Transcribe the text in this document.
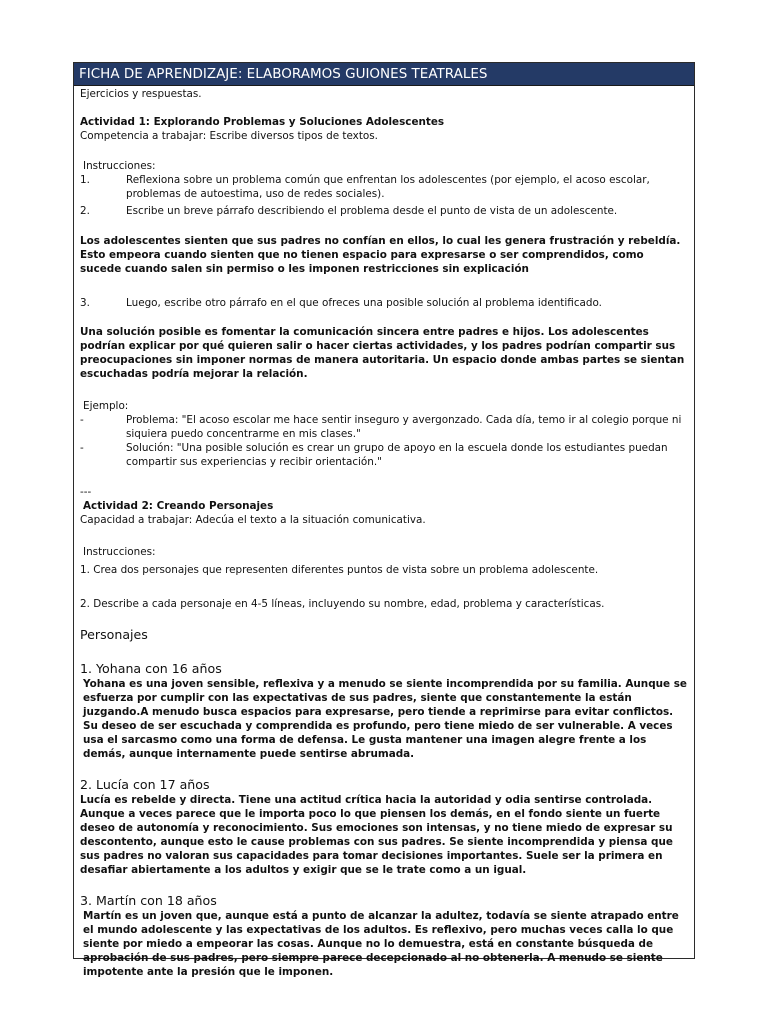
FICHA DE APRENDIZAJE: ELABORAMOS GUIONES TEATRALES

Ejercicios y respuestas.

Actividad 1: Explorando Problemas y Soluciones Adolescentes

Competencia a trabajar: Escribe diversos tipos de textos.

Instrucciones:

1.	Reflexiona sobre un problema común que enfrentan los adolescentes (por ejemplo, el acoso escolar, problemas de autoestima, uso de redes sociales).
2.	Escribe un breve párrafo describiendo el problema desde el punto de vista de un adolescente.

Los adolescentes sienten que sus padres no confían en ellos, lo cual les genera frustración y rebeldía. Esto empeora cuando sienten que no tienen espacio para expresarse o ser comprendidos, como sucede cuando salen sin permiso o les imponen restricciones sin explicación

3.	Luego, escribe otro párrafo en el que ofreces una posible solución al problema identificado.

Una solución posible es fomentar la comunicación sincera entre padres e hijos. Los adolescentes podrían explicar por qué quieren salir o hacer ciertas actividades, y los padres podrían compartir sus preocupaciones sin imponer normas de manera autoritaria. Un espacio donde ambas partes se sientan escuchadas podría mejorar la relación.

Ejemplo:

-	Problema: "El acoso escolar me hace sentir inseguro y avergonzado. Cada día, temo ir al colegio porque ni siquiera puedo concentrarme en mis clases."
-	Solución: "Una posible solución es crear un grupo de apoyo en la escuela donde los estudiantes puedan compartir sus experiencias y recibir orientación."

---

Actividad 2: Creando Personajes

Capacidad a trabajar: Adecúa el texto a la situación comunicativa.

Instrucciones:

1. Crea dos personajes que representen diferentes puntos de vista sobre un problema adolescente.

2. Describe a cada personaje en 4-5 líneas, incluyendo su nombre, edad, problema y características.

Personajes

1. Yohana con 16 años

Yohana es una joven sensible, reflexiva y a menudo se siente incomprendida por su familia. Aunque se esfuerza por cumplir con las expectativas de sus padres, siente que constantemente la están juzgando.A menudo busca espacios para expresarse, pero tiende a reprimirse para evitar conflictos. Su deseo de ser escuchada y comprendida es profundo, pero tiene miedo de ser vulnerable. A veces usa el sarcasmo como una forma de defensa. Le gusta mantener una imagen alegre frente a los demás, aunque internamente puede sentirse abrumada.

2. Lucía con 17 años

Lucía es rebelde y directa. Tiene una actitud crítica hacia la autoridad y odia sentirse controlada. Aunque a veces parece que le importa poco lo que piensen los demás, en el fondo siente un fuerte deseo de autonomía y reconocimiento. Sus emociones son intensas, y no tiene miedo de expresar su descontento, aunque esto le cause problemas con sus padres. Se siente incomprendida y piensa que sus padres no valoran sus capacidades para tomar decisiones importantes. Suele ser la primera en desafiar abiertamente a los adultos y exigir que se le trate como a un igual.

3. Martín con 18 años

Martín es un joven que, aunque está a punto de alcanzar la adultez, todavía se siente atrapado entre el mundo adolescente y las expectativas de los adultos. Es reflexivo, pero muchas veces calla lo que siente por miedo a empeorar las cosas. Aunque no lo demuestra, está en constante búsqueda de aprobación de sus padres, pero siempre parece decepcionado al no obtenerla. A menudo se siente impotente ante la presión que le imponen.
